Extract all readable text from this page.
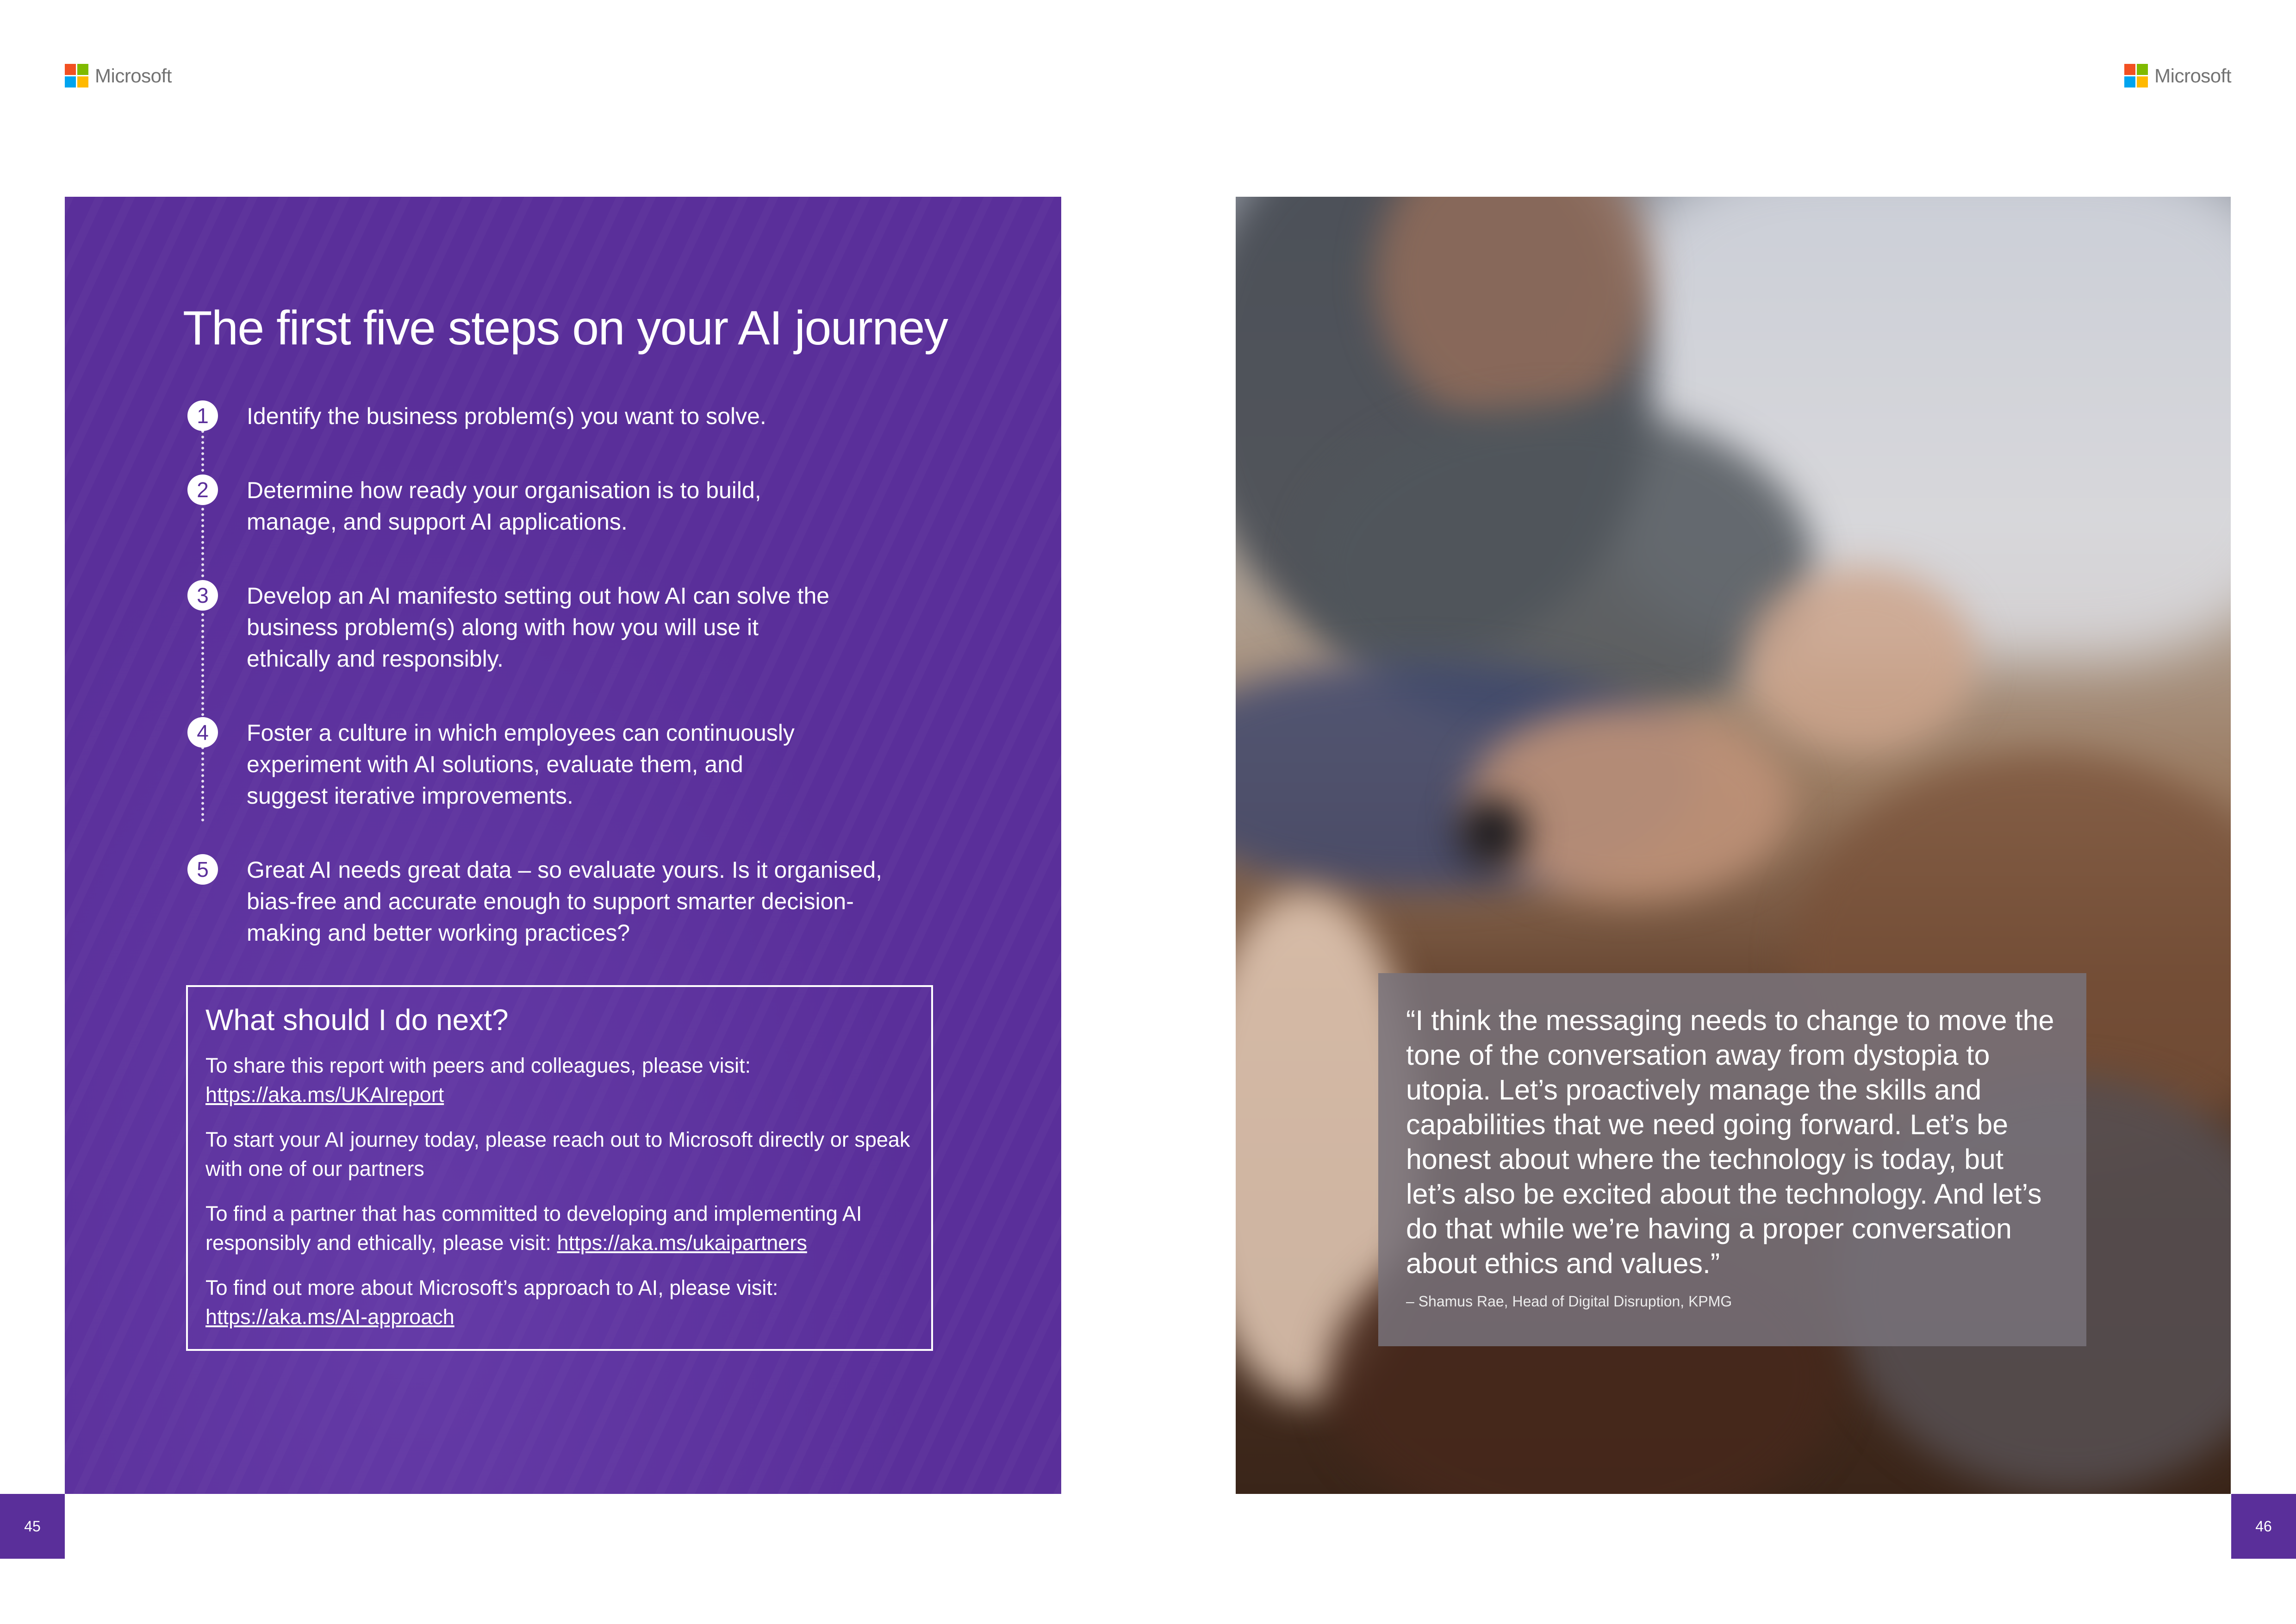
Microsoft	Microsoft
The first five steps on your AI journey
1	Identify the business problem(s) you want to solve.
2	Determine how ready your organisation is to build, manage, and support AI applications.
3	Develop an AI manifesto setting out how AI can solve the business problem(s) along with how you will use it ethically and responsibly.
4	Foster a culture in which employees can continuously experiment with AI solutions, evaluate them, and suggest iterative improvements.
5	Great AI needs great data – so evaluate yours. Is it organised, bias-free and accurate enough to support smarter decision-making and better working practices?
What should I do next?

To share this report with peers and colleagues, please visit:
https://aka.ms/UKAIreport

To start your AI journey today, please reach out to Microsoft directly or speak with one of our partners

To find a partner that has committed to developing and implementing AI responsibly and ethically, please visit: https://aka.ms/ukaipartners

To find out more about Microsoft’s approach to AI, please visit:
https://aka.ms/AI-approach

“I think the messaging needs to change to move the tone of the conversation away from dystopia to utopia. Let’s proactively manage the skills and capabilities that we need going forward. Let’s be honest about where the technology is today, but let’s also be excited about the technology. And let’s do that while we’re having a proper conversation about ethics and values.”

– Shamus Rae, Head of Digital Disruption, KPMG

45	46
